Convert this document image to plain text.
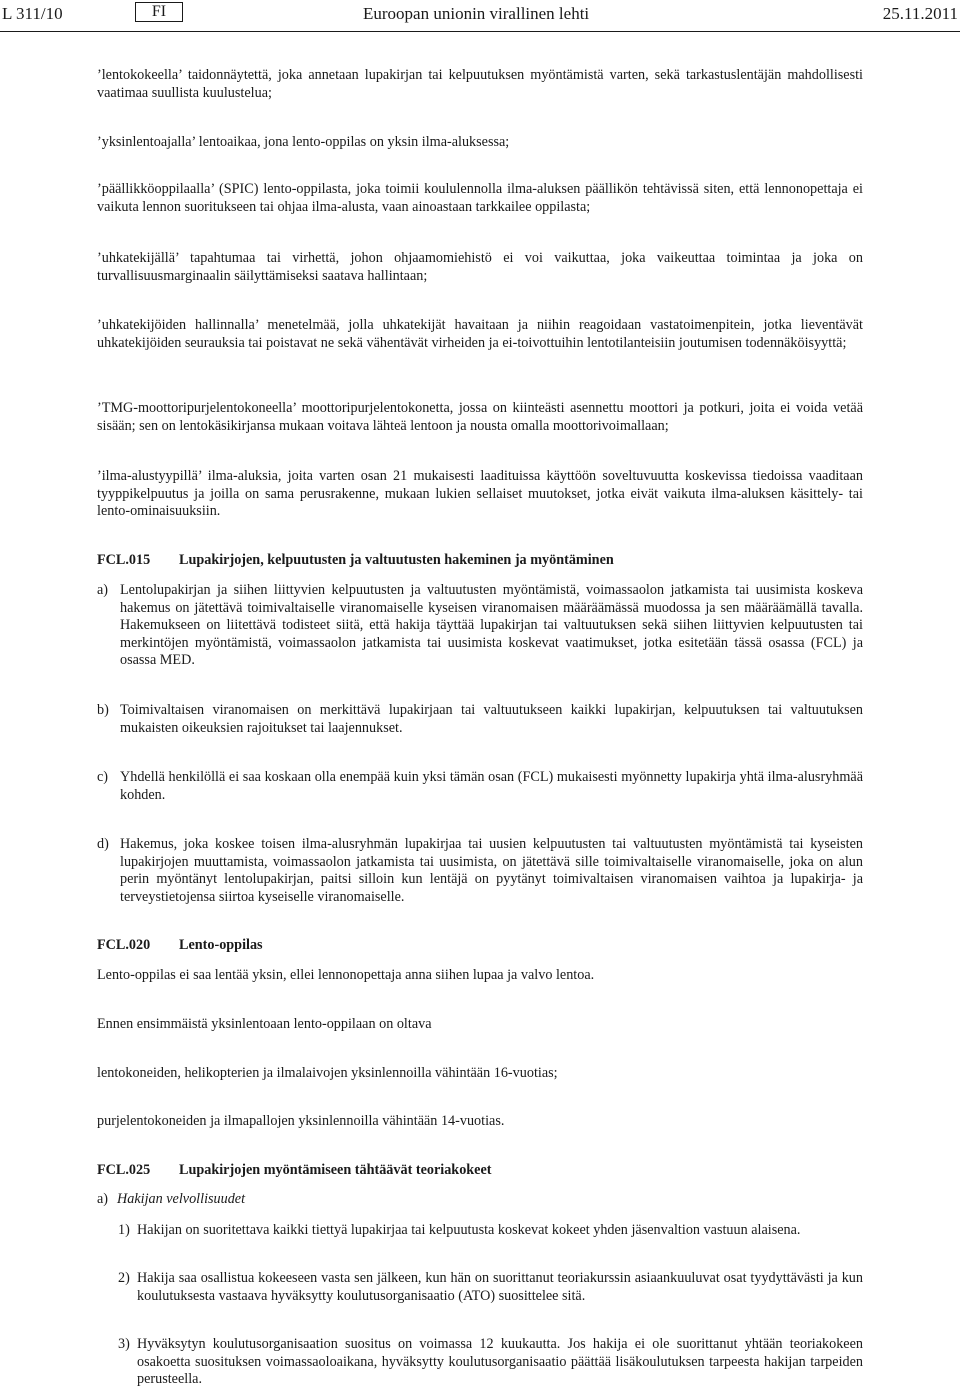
L 311/10	FI	Euroopan unionin virallinen lehti	25.11.2011

’lentokokeella’ taidonnäytettä, joka annetaan lupakirjan tai kelpuutuksen myöntämistä varten, sekä tarkastuslentäjän mahdollisesti vaatimaa suullista kuulustelua;

’yksinlentoajalla’ lentoaikaa, jona lento-oppilas on yksin ilma-aluksessa;

’päällikköoppilaalla’ (SPIC) lento-oppilasta, joka toimii koululennolla ilma-aluksen päällikön tehtävissä siten, että lennonopettaja ei vaikuta lennon suoritukseen tai ohjaa ilma-alusta, vaan ainoastaan tarkkailee oppilasta;

’uhkatekijällä’ tapahtumaa tai virhettä, johon ohjaamomiehistö ei voi vaikuttaa, joka vaikeuttaa toimintaa ja joka on turvallisuusmarginaalin säilyttämiseksi saatava hallintaan;

’uhkatekijöiden hallinnalla’ menetelmää, jolla uhkatekijät havaitaan ja niihin reagoidaan vastatoimenpitein, jotka lieventävät uhkatekijöiden seurauksia tai poistavat ne sekä vähentävät virheiden ja ei-toivottuihin lentotilanteisiin joutumisen todennäköisyyttä;

’TMG-moottoripurjelentokoneella’ moottoripurjelentokonetta, jossa on kiinteästi asennettu moottori ja potkuri, joita ei voida vetää sisään; sen on lentokäsikirjansa mukaan voitava lähteä lentoon ja nousta omalla moottorivoimallaan;

’ilma-alustyypillä’ ilma-aluksia, joita varten osan 21 mukaisesti laadituissa käyttöön soveltuvuutta koskevissa tiedoissa vaaditaan tyyppikelpuutus ja joilla on sama perusrakenne, mukaan lukien sellaiset muutokset, jotka eivät vaikuta ilma-aluksen käsittely- tai lento-ominaisuuksiin.

FCL.015 Lupakirjojen, kelpuutusten ja valtuutusten hakeminen ja myöntäminen
a) Lentolupakirjan ja siihen liittyvien kelpuutusten ja valtuutusten myöntämistä, voimassaolon jatkamista tai uusimista koskeva hakemus on jätettävä toimivaltaiselle viranomaiselle kyseisen viranomaisen määräämässä muodossa ja sen määräämällä tavalla. Hakemukseen on liitettävä todisteet siitä, että hakija täyttää lupakirjan tai valtuutuksen sekä siihen liittyvien kelpuutusten tai merkintöjen myöntämistä, voimassaolon jatkamista tai uusimista koskevat vaatimukset, jotka esitetään tässä osassa (FCL) ja osassa MED.
b) Toimivaltaisen viranomaisen on merkittävä lupakirjaan tai valtuutukseen kaikki lupakirjan, kelpuutuksen tai valtuutuksen mukaisten oikeuksien rajoitukset tai laajennukset.
c) Yhdellä henkilöllä ei saa koskaan olla enempää kuin yksi tämän osan (FCL) mukaisesti myönnetty lupakirja yhtä ilma-alusryhmää kohden.
d) Hakemus, joka koskee toisen ilma-alusryhmän lupakirjaa tai uusien kelpuutusten tai valtuutusten myöntämistä tai kyseisten lupakirjojen muuttamista, voimassaolon jatkamista tai uusimista, on jätettävä sille toimivaltaiselle viranomaiselle, joka on alun perin myöntänyt lentolupakirjan, paitsi silloin kun lentäjä on pyytänyt toimivaltaisen viranomaisen vaihtoa ja lupakirja- ja terveystietojensa siirtoa kyseiselle viranomaiselle.
FCL.020 Lento-oppilas

Lento-oppilas ei saa lentää yksin, ellei lennonopettaja anna siihen lupaa ja valvo lentoa.

Ennen ensimmäistä yksinlentoaan lento-oppilaan on oltava

lentokoneiden, helikopterien ja ilmalaivojen yksinlennoilla vähintään 16-vuotias;

purjelentokoneiden ja ilmapallojen yksinlennoilla vähintään 14-vuotias.

FCL.025 Lupakirjojen myöntämiseen tähtäävät teoriakokeet
a) Hakijan velvollisuudet
1) Hakijan on suoritettava kaikki tiettyä lupakirjaa tai kelpuutusta koskevat kokeet yhden jäsenvaltion vastuun alaisena.
2) Hakija saa osallistua kokeeseen vasta sen jälkeen, kun hän on suorittanut teoriakurssin asiaankuuluvat osat tyydyttävästi ja kun koulutuksesta vastaava hyväksytty koulutusorganisaatio (ATO) suosittelee sitä.
3) Hyväksytyn koulutusorganisaation suositus on voimassa 12 kuukautta. Jos hakija ei ole suorittanut yhtään teoriakokeen osakoetta suosituksen voimassaoloaikana, hyväksytty koulutusorganisaatio päättää lisäkoulutuksen tarpeesta hakijan tarpeiden perusteella.
